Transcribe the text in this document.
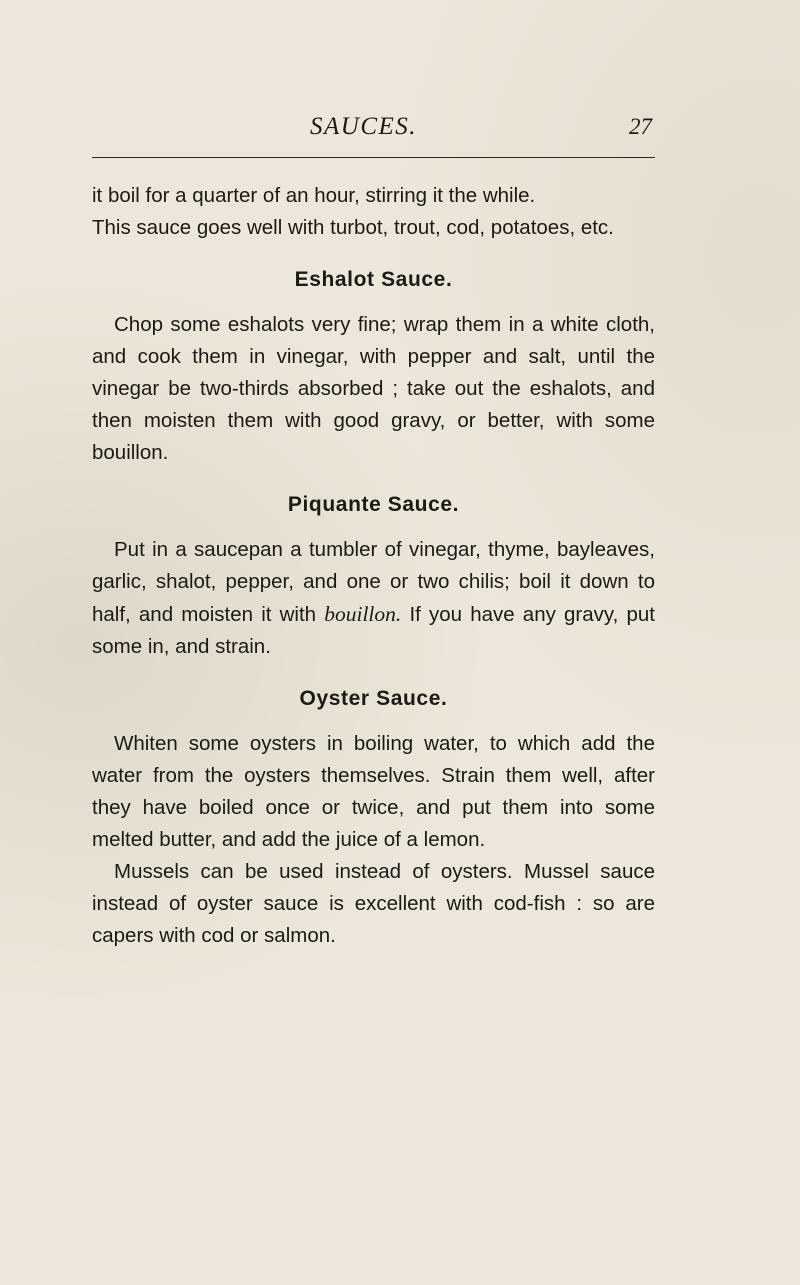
SAUCES.	27

it boil for a quarter of an hour, stirring it the while.

This sauce goes well with turbot, trout, cod, potatoes, etc.

Eshalot Sauce.

Chop some eshalots very fine; wrap them in a white cloth, and cook them in vinegar, with pepper and salt, until the vinegar be two-thirds absorbed ; take out the eshalots, and then moisten them with good gravy, or better, with some bouillon.

Piquante Sauce.

Put in a saucepan a tumbler of vinegar, thyme, bayleaves, garlic, shalot, pepper, and one or two chilis; boil it down to half, and moisten it with bouillon. If you have any gravy, put some in, and strain.

Oyster Sauce.

Whiten some oysters in boiling water, to which add the water from the oysters themselves. Strain them well, after they have boiled once or twice, and put them into some melted butter, and add the juice of a lemon.

Mussels can be used instead of oysters. Mussel sauce instead of oyster sauce is excellent with cod-fish : so are capers with cod or salmon.
